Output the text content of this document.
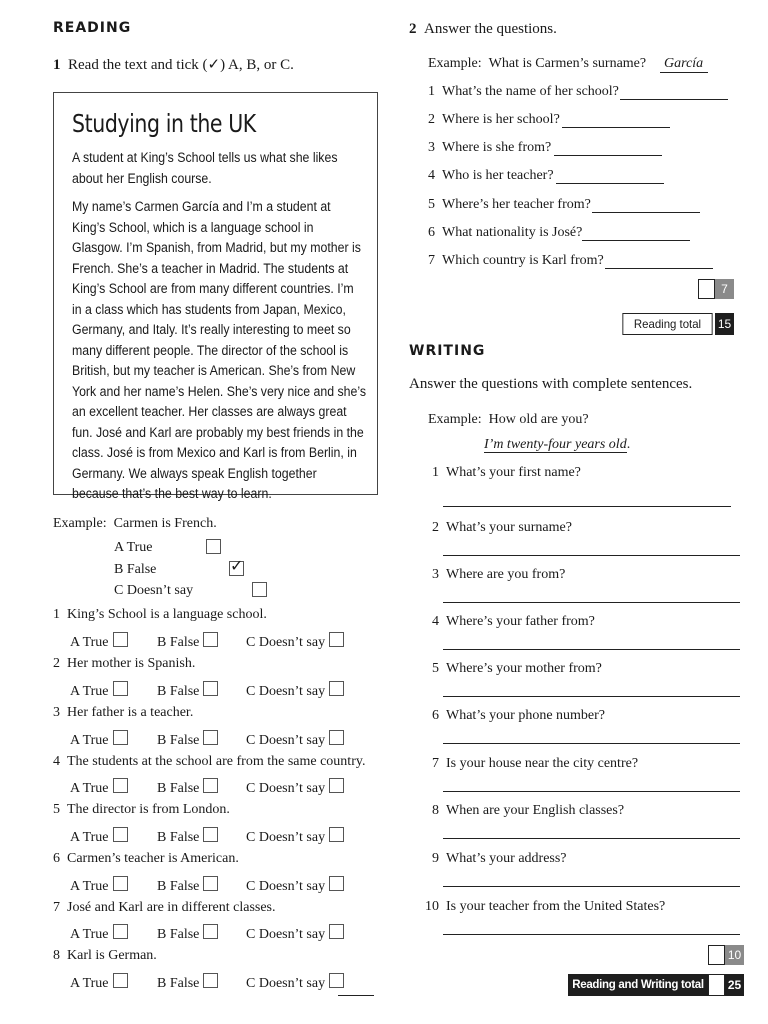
READING
1 Read the text and tick (✓) A, B, or C.
Studying in the UK

A student at King’s School tells us what she likes about her English course.

My name’s Carmen García and I’m a student at King’s School, which is a language school in Glasgow. I’m Spanish, from Madrid, but my mother is French. She’s a teacher in Madrid. The students at King’s School are from many different countries. I’m in a class which has students from Japan, Mexico, Germany, and Italy. It’s really interesting to meet so many different people. The director of the school is British, but my teacher is American. She’s from New York and her name’s Helen. She’s very nice and she’s an excellent teacher. Her classes are always great fun. José and Karl are probably my best friends in the class. José is from Mexico and Karl is from Berlin, in Germany. We always speak English together because that’s the best way to learn.

Example: Carmen is French.
A True

B False	✓

C Doesn’t say
1 King’s School is a language school.
A True	B False	C Doesn’t say
2 Her mother is Spanish.
A True	B False	C Doesn’t say
3 Her father is a teacher.
A True	B False	C Doesn’t say
4 The students at the school are from the same country.
A True	B False	C Doesn’t say
5 The director is from London.
A True	B False	C Doesn’t say
6 Carmen’s teacher is American.
A True	B False	C Doesn’t say
7 José and Karl are in different classes.
A True	B False	C Doesn’t say
8 Karl is German.
A True	B False	C Doesn’t say
2 Answer the questions.
Example: What is Carmen’s surname? García
1 What’s the name of her school?
2 Where is her school?
3 Where is she from?
4 Who is her teacher?
5 Where’s her teacher from?
6 What nationality is José?
7 Which country is Karl from?
7
Reading total	15
WRITING
Answer the questions with complete sentences.
Example: How old are you?
I’m twenty-four years old.
1 What’s your first name?
2 What’s your surname?
3 Where are you from?
4 Where’s your father from?
5 Where’s your mother from?
6 What’s your phone number?
7 Is your house near the city centre?
8 When are your English classes?
9 What’s your address?
10 Is your teacher from the United States?
10
Reading and Writing total	25
